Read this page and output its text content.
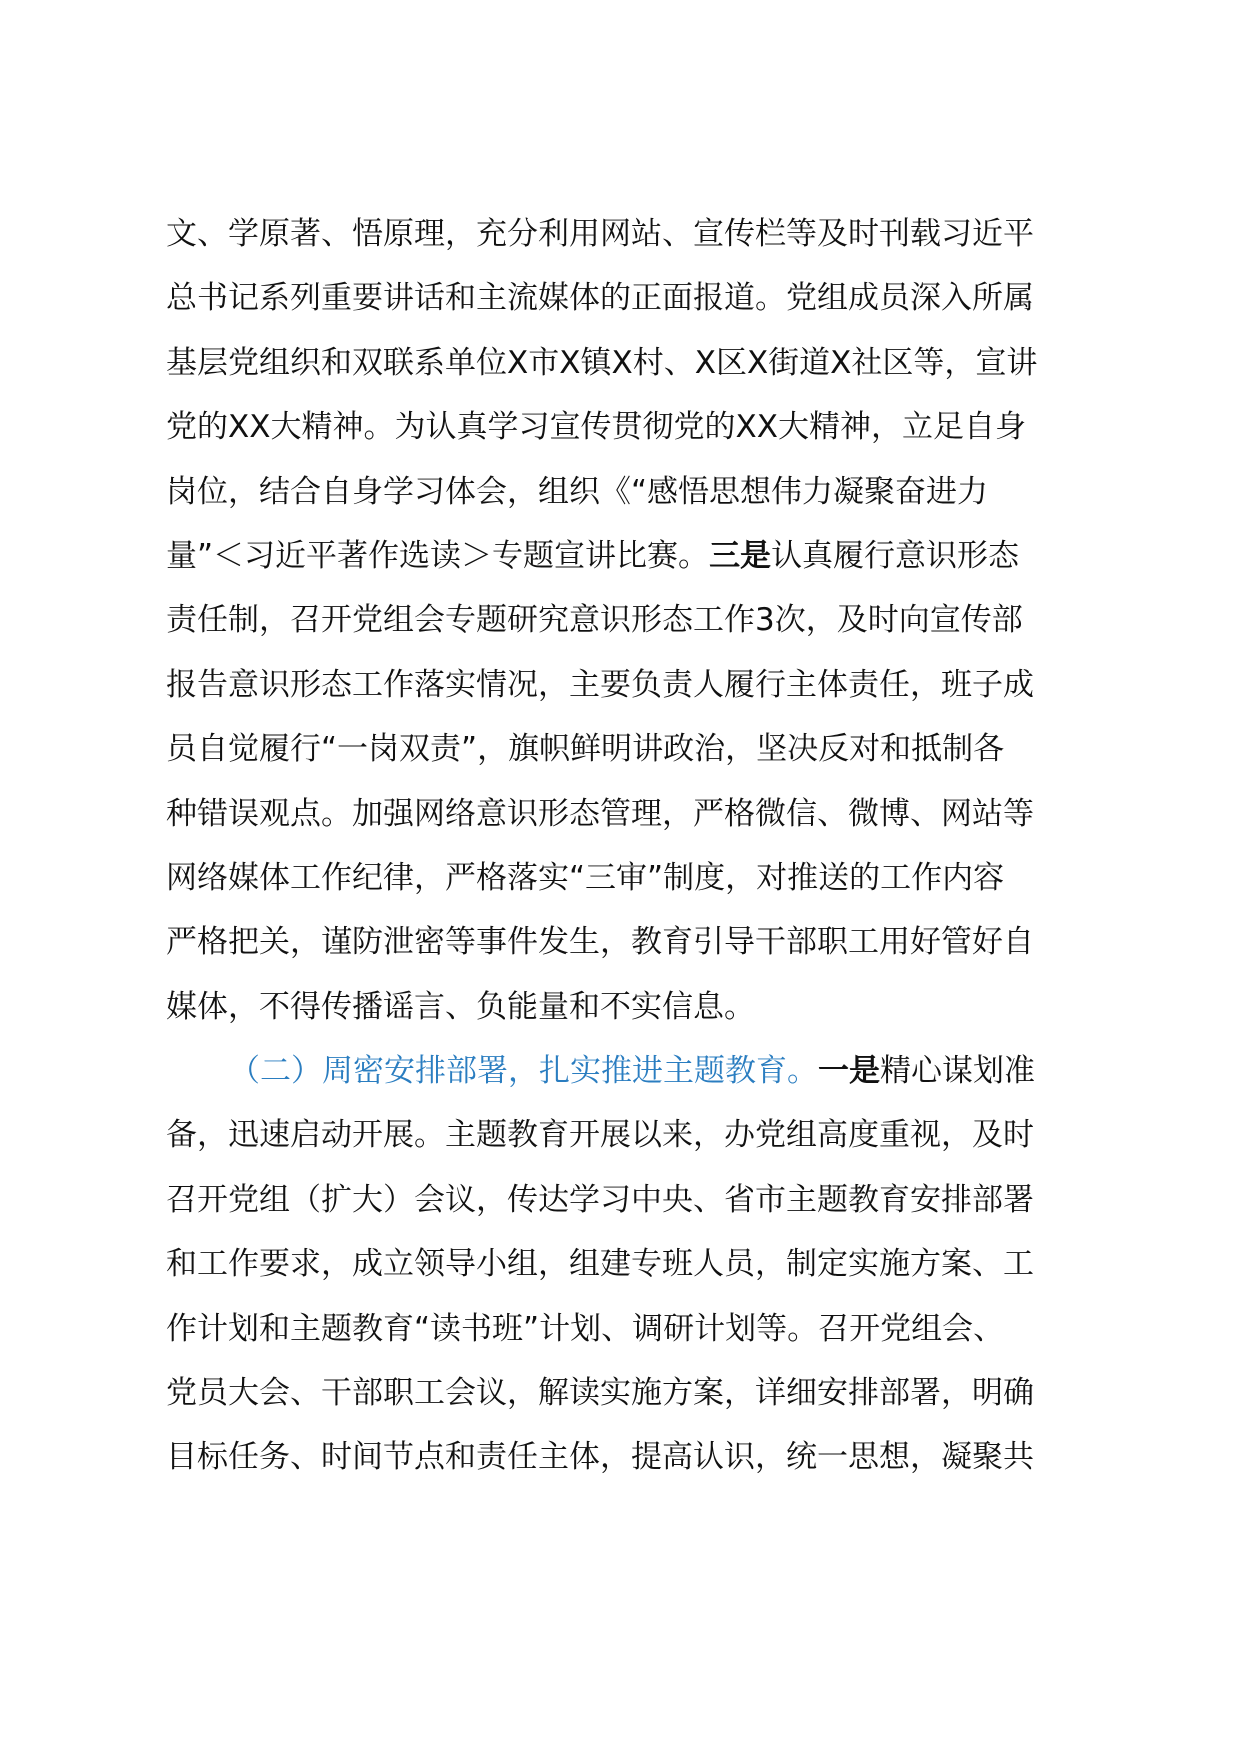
文、学原著、悟原理，充分利用网站、宣传栏等及时刊载习近平
总书记系列重要讲话和主流媒体的正面报道。党组成员深入所属
基层党组织和双联系单位X市X镇X村、X区X街道X社区等，宣讲
党的XX大精神。为认真学习宣传贯彻党的XX大精神，立足自身
岗位，结合自身学习体会，组织《“感悟思想伟力凝聚奋进力
量”＜习近平著作选读＞专题宣讲比赛。三是认真履行意识形态
责任制，召开党组会专题研究意识形态工作3次，及时向宣传部
报告意识形态工作落实情况，主要负责人履行主体责任，班子成
员自觉履行“一岗双责”，旗帜鲜明讲政治，坚决反对和抵制各
种错误观点。加强网络意识形态管理，严格微信、微博、网站等
网络媒体工作纪律，严格落实“三审”制度，对推送的工作内容
严格把关，谨防泄密等事件发生，教育引导干部职工用好管好自
媒体，不得传播谣言、负能量和不实信息。
（二）周密安排部署，扎实推进主题教育。一是精心谋划准
备，迅速启动开展。主题教育开展以来，办党组高度重视，及时
召开党组（扩大）会议，传达学习中央、省市主题教育安排部署
和工作要求，成立领导小组，组建专班人员，制定实施方案、工
作计划和主题教育“读书班”计划、调研计划等。召开党组会、
党员大会、干部职工会议，解读实施方案，详细安排部署，明确
目标任务、时间节点和责任主体，提高认识，统一思想，凝聚共
